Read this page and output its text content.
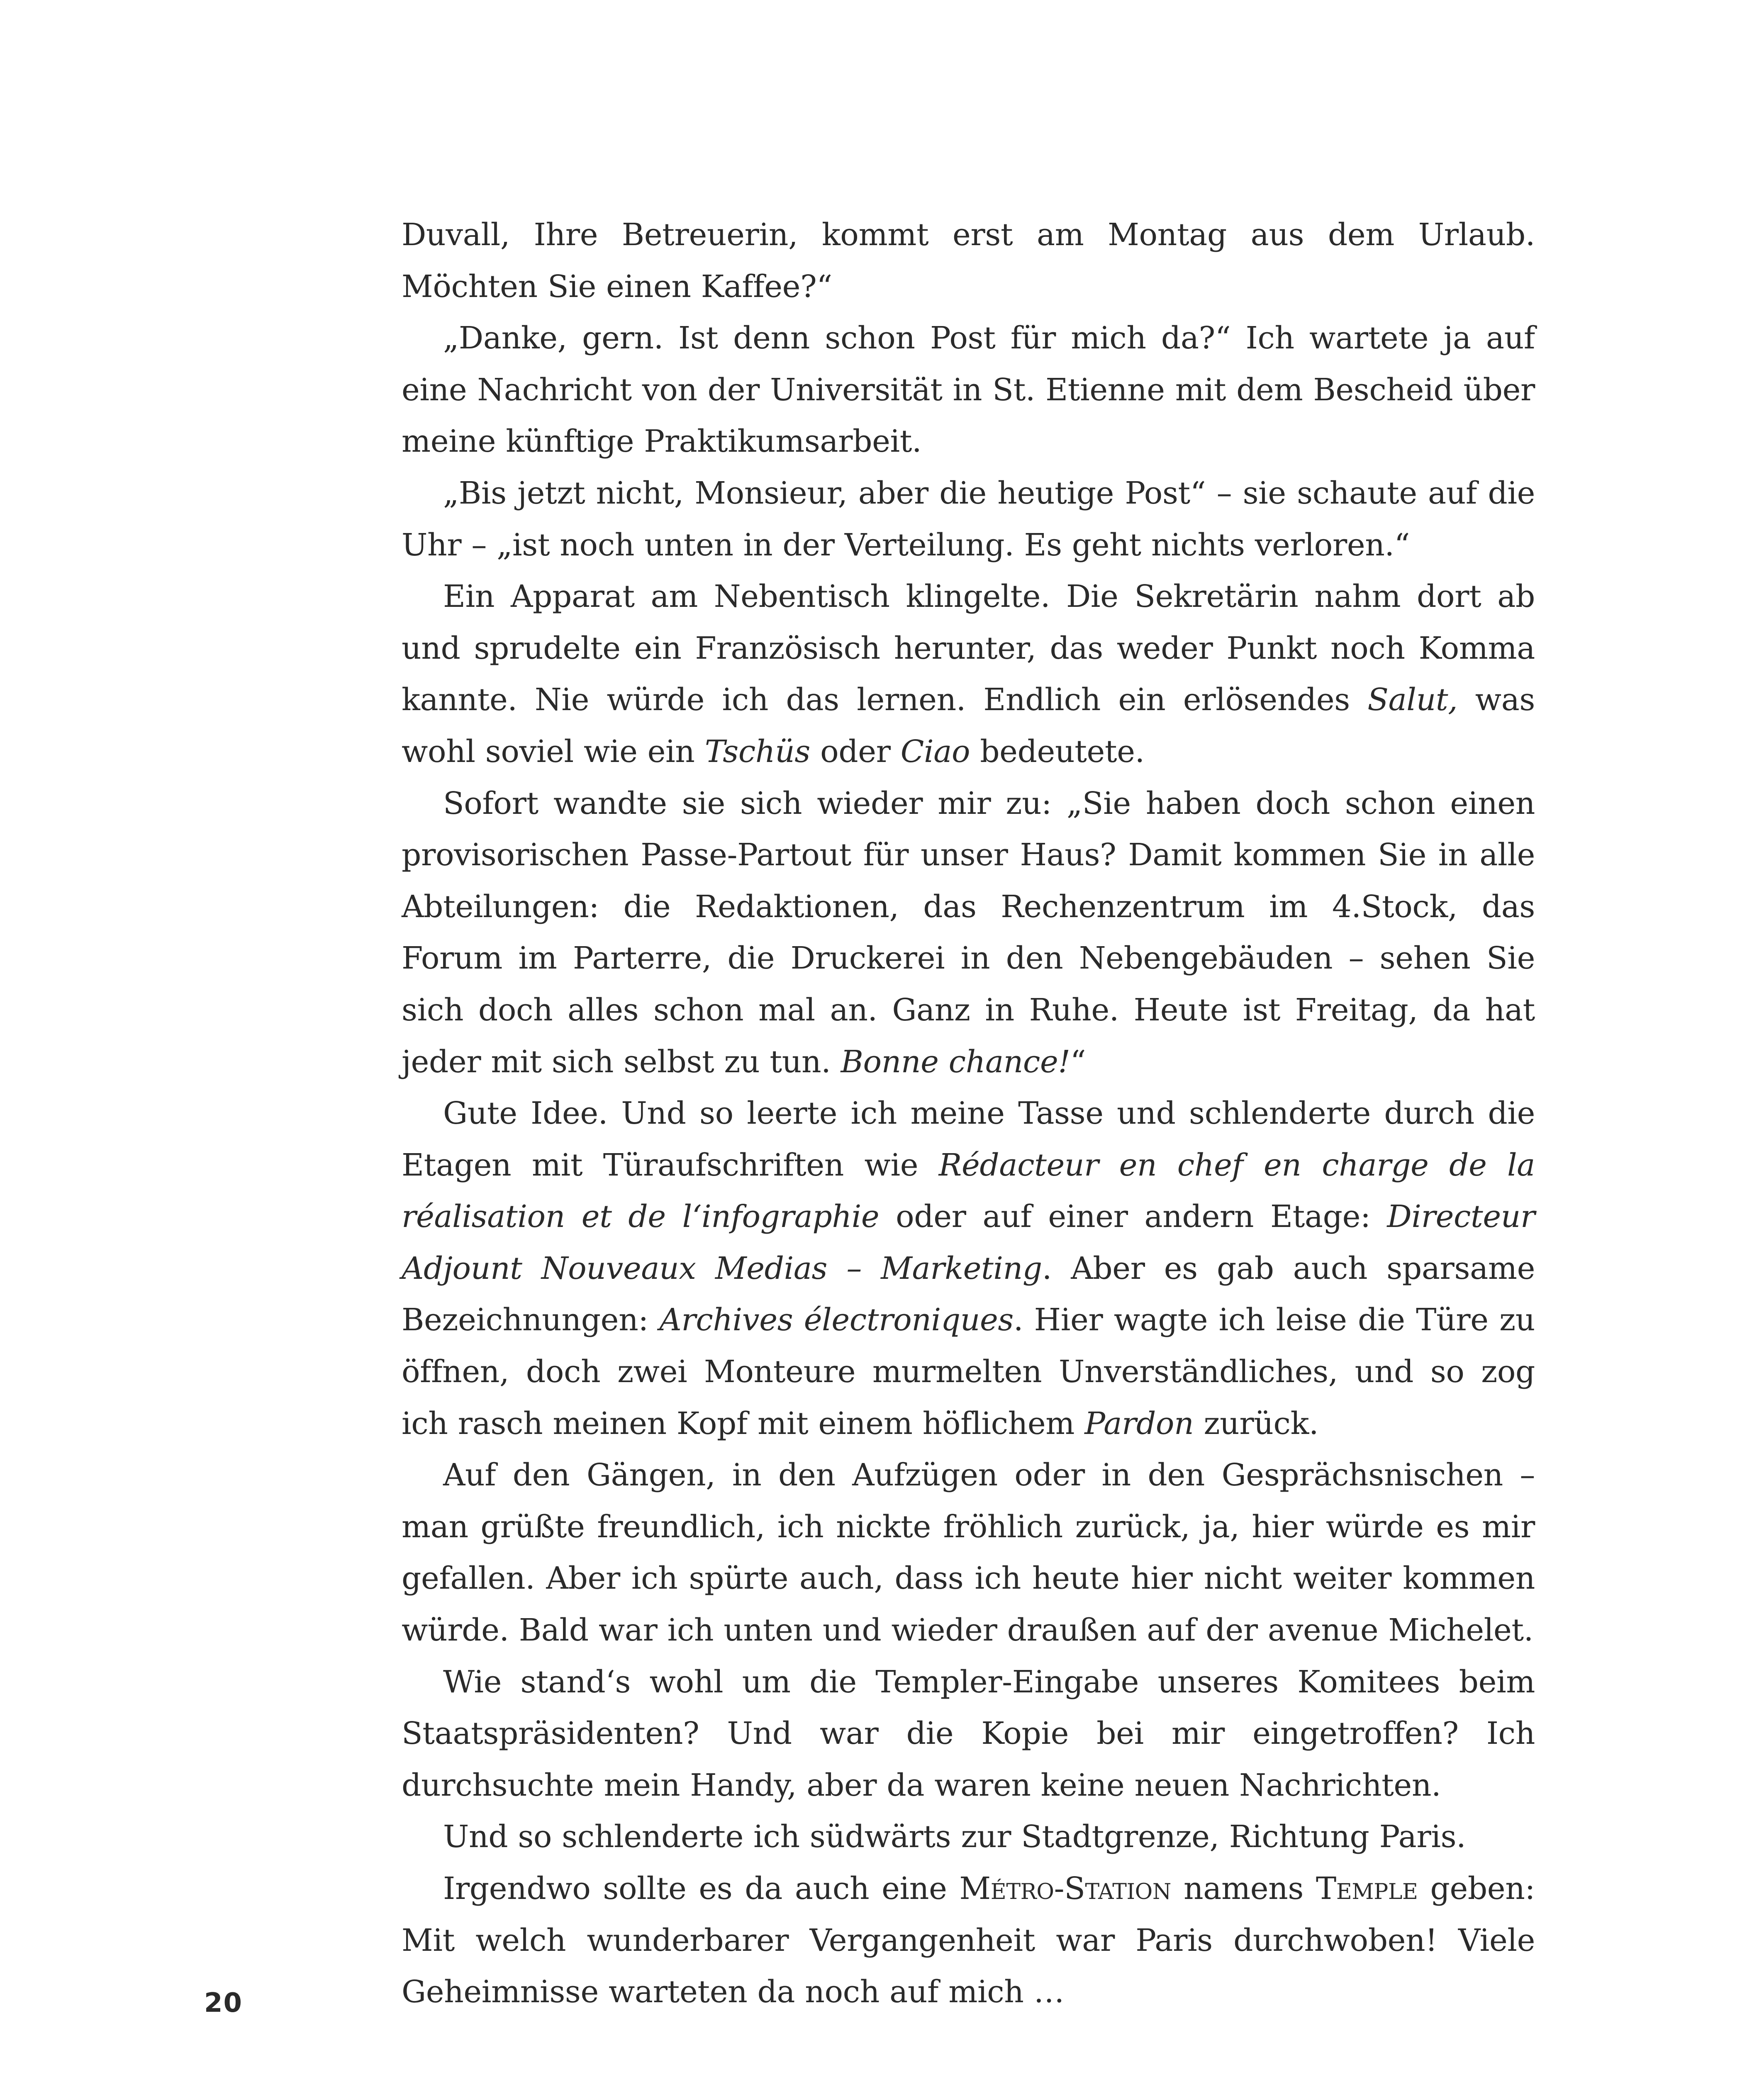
Duvall, Ihre Betreuerin, kommt erst am Montag aus dem Urlaub. Möchten Sie einen Kaffee?“

„Danke, gern. Ist denn schon Post für mich da?“ Ich wartete ja auf eine Nachricht von der Universität in St. Etienne mit dem Bescheid über meine künftige Praktikumsarbeit.

„Bis jetzt nicht, Monsieur, aber die heutige Post“ – sie schaute auf die Uhr – „ist noch unten in der Verteilung. Es geht nichts verloren.“

Ein Apparat am Nebentisch klingelte. Die Sekretärin nahm dort ab und sprudelte ein Französisch herunter, das weder Punkt noch Komma kannte. Nie würde ich das lernen. Endlich ein erlösendes Salut, was wohl soviel wie ein Tschüs oder Ciao bedeutete.

Sofort wandte sie sich wieder mir zu: „Sie haben doch schon einen provisorischen Passe-Partout für unser Haus? Damit kommen Sie in alle Abteilungen: die Redaktionen, das Rechenzentrum im 4.Stock, das Forum im Parterre, die Druckerei in den Nebengebäuden – sehen Sie sich doch alles schon mal an. Ganz in Ruhe. Heute ist Freitag, da hat jeder mit sich selbst zu tun. Bonne chance!“

Gute Idee. Und so leerte ich meine Tasse und schlenderte durch die Etagen mit Türaufschriften wie Rédacteur en chef en charge de la réalisation et de l‘infographie oder auf einer andern Etage: Directeur Adjount Nouveaux Medias – Marketing. Aber es gab auch sparsame Bezeichnungen: Archives électroniques. Hier wagte ich leise die Türe zu öffnen, doch zwei Monteure murmelten Unverständliches, und so zog ich rasch meinen Kopf mit einem höflichem Pardon zurück.

Auf den Gängen, in den Aufzügen oder in den Gesprächsnischen – man grüßte freundlich, ich nickte fröhlich zurück, ja, hier würde es mir gefallen. Aber ich spürte auch, dass ich heute hier nicht weiter kommen würde. Bald war ich unten und wieder draußen auf der avenue Michelet.

Wie stand‘s wohl um die Templer-Eingabe unseres Komitees beim Staatspräsidenten? Und war die Kopie bei mir eingetroffen? Ich durchsuchte mein Handy, aber da waren keine neuen Nachrichten.

Und so schlenderte ich südwärts zur Stadtgrenze, Richtung Paris.

Irgendwo sollte es da auch eine Métro-Station namens Temple geben: Mit welch wunderbarer Vergangenheit war Paris durchwoben! Viele Geheimnisse warteten da noch auf mich …

20
